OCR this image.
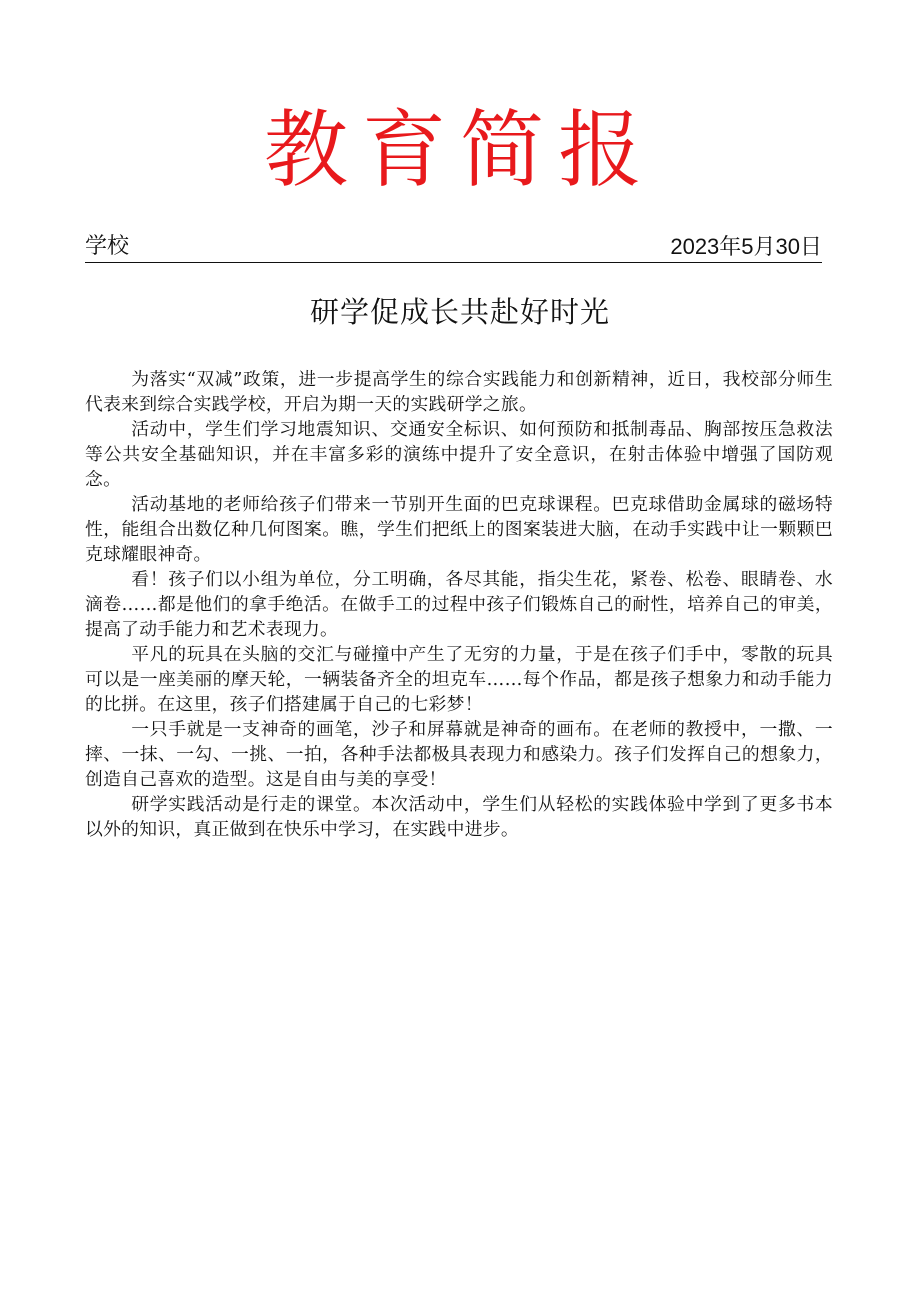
教育简报
学校	2023年5月30日
研学促成长共赴好时光

为落实“双减”政策，进一步提高学生的综合实践能力和创新精神，近日，我校部分师生代表来到综合实践学校，开启为期一天的实践研学之旅。

活动中，学生们学习地震知识、交通安全标识、如何预防和抵制毒品、胸部按压急救法等公共安全基础知识，并在丰富多彩的演练中提升了安全意识，在射击体验中增强了国防观念。

活动基地的老师给孩子们带来一节别开生面的巴克球课程。巴克球借助金属球的磁场特性，能组合出数亿种几何图案。瞧，学生们把纸上的图案装进大脑，在动手实践中让一颗颗巴克球耀眼神奇。

看！孩子们以小组为单位，分工明确，各尽其能，指尖生花，紧卷、松卷、眼睛卷、水滴卷……都是他们的拿手绝活。在做手工的过程中孩子们锻炼自己的耐性，培养自己的审美，提高了动手能力和艺术表现力。

平凡的玩具在头脑的交汇与碰撞中产生了无穷的力量，于是在孩子们手中，零散的玩具可以是一座美丽的摩天轮，一辆装备齐全的坦克车……每个作品，都是孩子想象力和动手能力的比拼。在这里，孩子们搭建属于自己的七彩梦！

一只手就是一支神奇的画笔，沙子和屏幕就是神奇的画布。在老师的教授中，一撒、一摔、一抹、一勾、一挑、一拍，各种手法都极具表现力和感染力。孩子们发挥自己的想象力，创造自己喜欢的造型。这是自由与美的享受！

研学实践活动是行走的课堂。本次活动中，学生们从轻松的实践体验中学到了更多书本以外的知识，真正做到在快乐中学习，在实践中进步。
